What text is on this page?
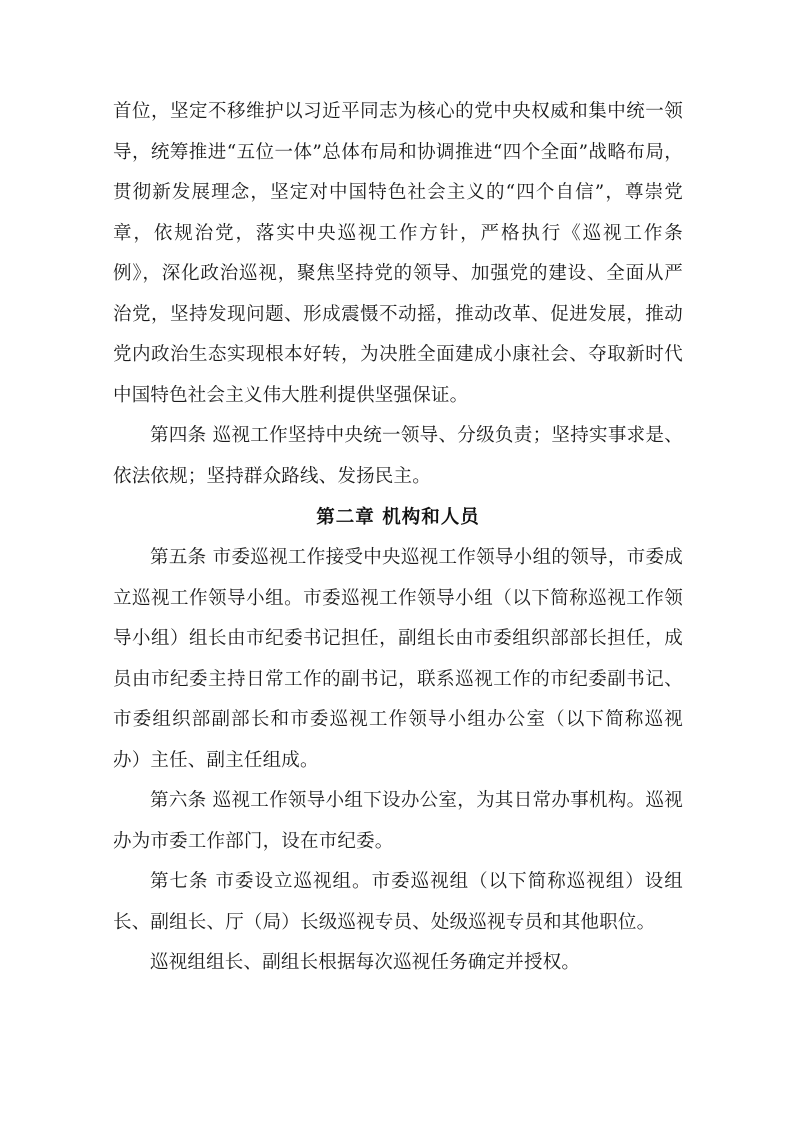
首位，坚定不移维护以习近平同志为核心的党中央权威和集中统一领导，统筹推进“五位一体”总体布局和协调推进“四个全面”战略布局，贯彻新发展理念，坚定对中国特色社会主义的“四个自信”，尊崇党章，依规治党，落实中央巡视工作方针，严格执行《巡视工作条例》，深化政治巡视，聚焦坚持党的领导、加强党的建设、全面从严治党，坚持发现问题、形成震慑不动摇，推动改革、促进发展，推动党内政治生态实现根本好转，为决胜全面建成小康社会、夺取新时代中国特色社会主义伟大胜利提供坚强保证。

第四条 巡视工作坚持中央统一领导、分级负责；坚持实事求是、依法依规；坚持群众路线、发扬民主。

第二章 机构和人员

第五条 市委巡视工作接受中央巡视工作领导小组的领导，市委成立巡视工作领导小组。市委巡视工作领导小组（以下简称巡视工作领导小组）组长由市纪委书记担任，副组长由市委组织部部长担任，成员由市纪委主持日常工作的副书记，联系巡视工作的市纪委副书记、市委组织部副部长和市委巡视工作领导小组办公室（以下简称巡视办）主任、副主任组成。

第六条 巡视工作领导小组下设办公室，为其日常办事机构。巡视办为市委工作部门，设在市纪委。

第七条 市委设立巡视组。市委巡视组（以下简称巡视组）设组长、副组长、厅（局）长级巡视专员、处级巡视专员和其他职位。

巡视组组长、副组长根据每次巡视任务确定并授权。
